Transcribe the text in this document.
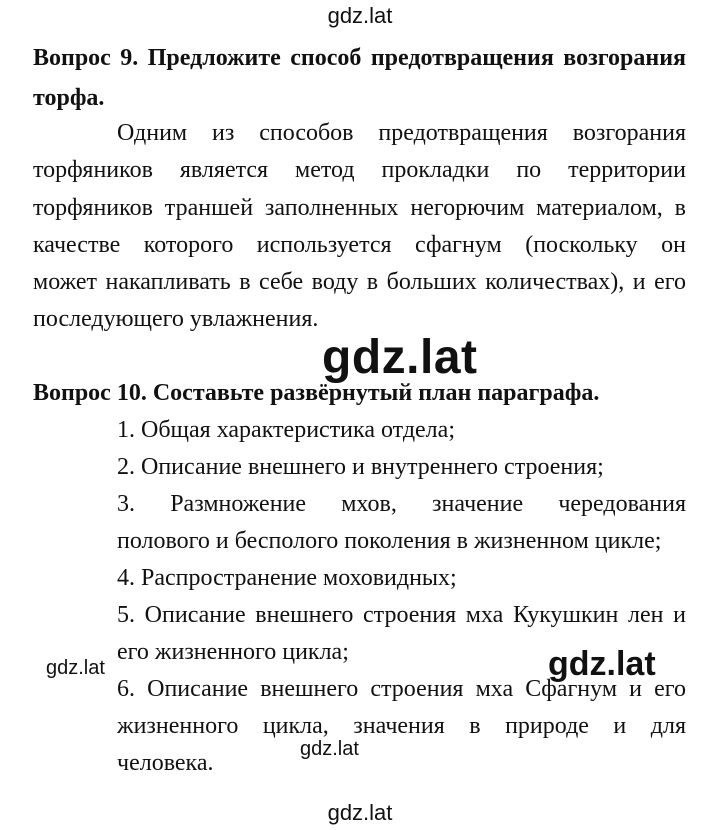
gdz.lat
gdz.lat
gdz.lat	gdz.lat
gdz.lat
gdz.lat
Вопрос 9. Предложите способ предотвращения возгорания
торфа.
Одним из способов предотвращения возгорания
торфяников является метод прокладки по территории
торфяников траншей заполненных негорючим материалом, в
качестве которого используется сфагнум (поскольку он
может накапливать в себе воду в больших количествах), и его
последующего увлажнения.
Вопрос 10. Составьте развёрнутый план параграфа.
1. Общая характеристика отдела;
2. Описание внешнего и внутреннего строения;
3. Размножение мхов, значение чередования
полового и бесполого поколения в жизненном цикле;
4. Распространение моховидных;
5. Описание внешнего строения мха Кукушкин лен и
его жизненного цикла;
6. Описание внешнего строения мха Сфагнум и его
жизненного цикла, значения в природе и для
человека.
